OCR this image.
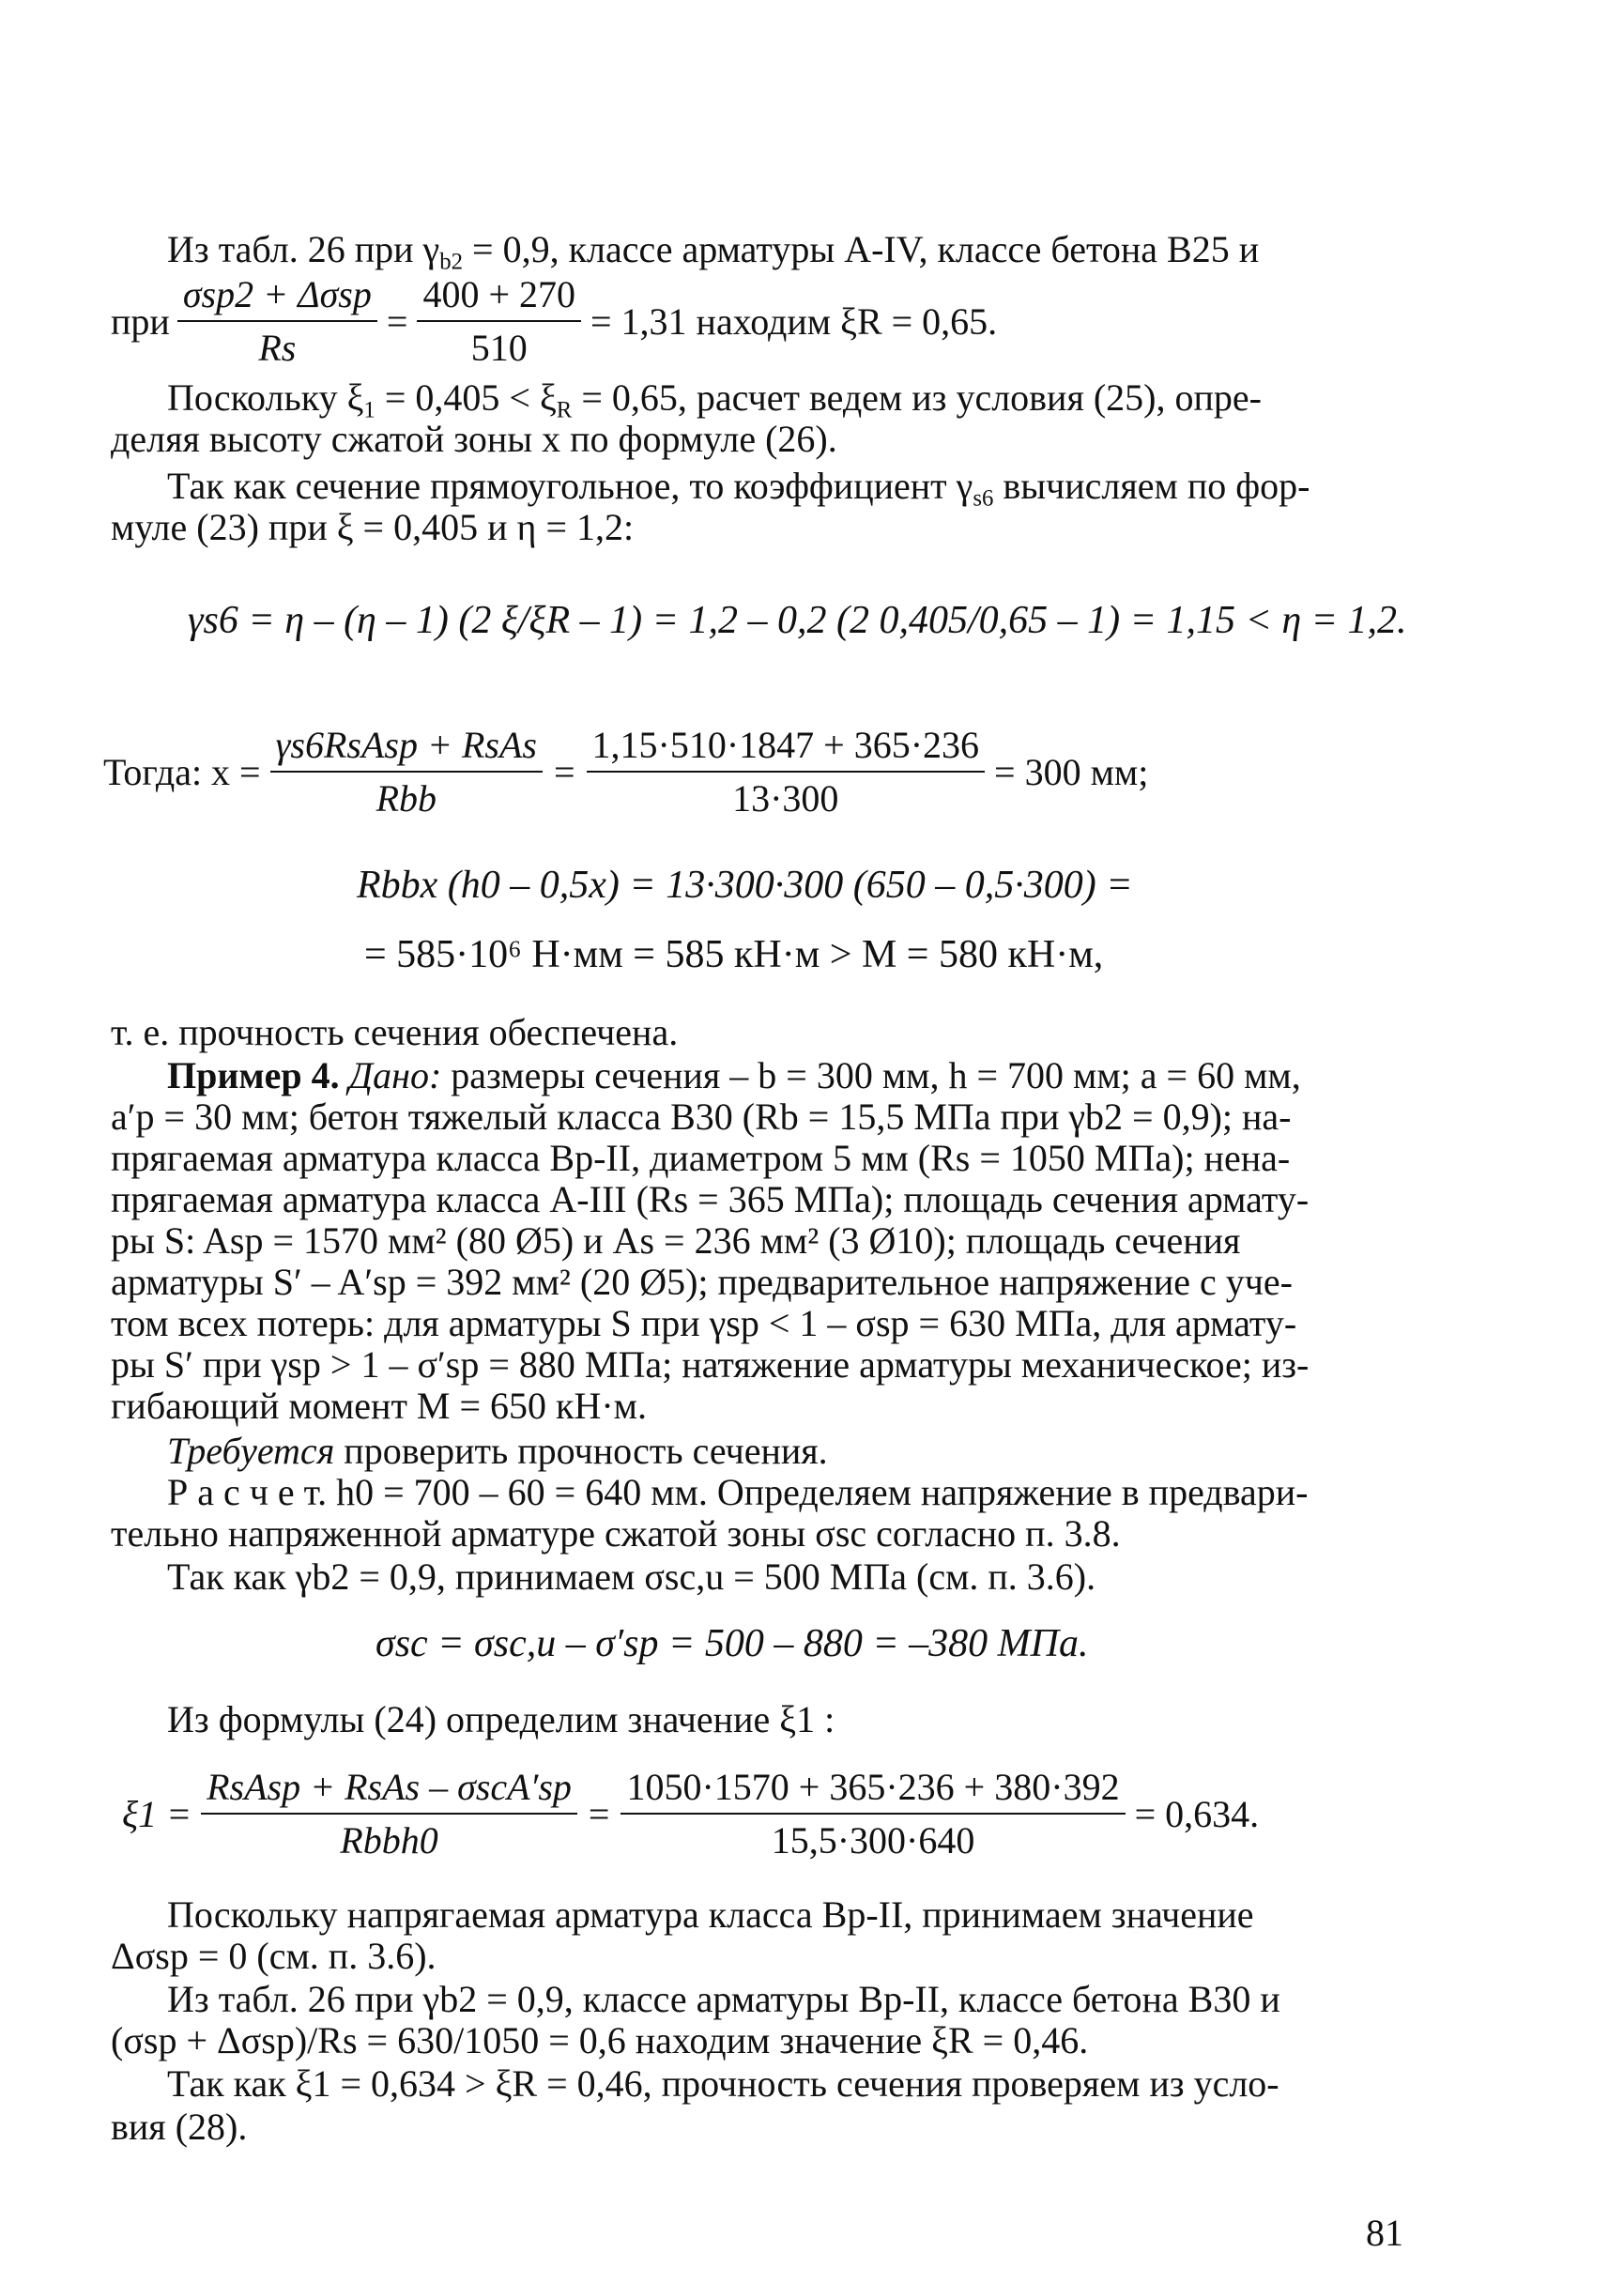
Из табл. 26 при $\gamma_{b2} = 0,9$, классе арматуры A-IV, классе бетона B25 и
при $\frac{\text{σsp2 + Δσsp}}{Rs} = \frac{400 + 270}{510} = 1,31$ находим ξR = 0,65.
Поскольку $\xi_1 = 0,405 < \xi_R = 0,65$, расчет ведем из условия (25), опре-
деляя высоту сжатой зоны x по формуле (26).
Так как сечение прямоугольное, то коэффициент $\gamma_{s6}$ вычисляем по фор-
муле (23) при ξ = 0,405 и η = 1,2:
γs6 = η – (η – 1) (2 ξ/ξR – 1) = 1,2 – 0,2 (2 0,405/0,65 – 1) = 1,15 < η = 1,2.
Тогда: $x = \frac{\text{γs6RsAsp + RsAs}}{\text{Rbb}} = \frac{1,15\cdot 510\cdot 1847 + 365\cdot 236}{13\cdot 300} = 300$ мм;
Rbbx (h0 – 0,5x) = 13·300·300 (650 – 0,5·300) =
= 585·10⁶ Н·мм = 585 кН·м > M = 580 кН·м,
т. е. прочность сечения обеспечена.
Пример 4. Дано: размеры сечения – b = 300 мм, h = 700 мм; a = 60 мм,
a′p = 30 мм; бетон тяжелый класса B30 (Rb = 15,5 МПа при γb2 = 0,9); на-
прягаемая арматура класса Bp-II, диаметром 5 мм (Rs = 1050 МПа); нена-
прягаемая арматура класса A-III (Rs = 365 МПа); площадь сечения армату-
ры S: Asp = 1570 мм² (80 Ø5) и As = 236 мм² (3 Ø10); площадь сечения
арматуры S′ – A′sp = 392 мм² (20 Ø5); предварительное напряжение с уче-
том всех потерь: для арматуры S при γsp < 1 – σsp = 630 МПа, для армату-
ры S′ при γsp > 1 – σ′sp = 880 МПа; натяжение арматуры механическое; из-
гибающий момент M = 650 кН·м.
Требуется проверить прочность сечения.
Р а с ч е т. h0 = 700 – 60 = 640 мм. Определяем напряжение в предвари-
тельно напряженной арматуре сжатой зоны σsc согласно п. 3.8.
Так как γb2 = 0,9, принимаем σsc,u = 500 МПа (см. п. 3.6).
σsc = σsc,u – σ′sp = 500 – 880 = –380 МПа.
Из формулы (24) определим значение ξ1 :
$\xi 1 = \frac{\text{RsAsp + RsAs – σscA′sp}}{\text{Rbbh0}} = \frac{1050\cdot 1570 + 365\cdot 236 + 380\cdot 392}{15,5\cdot 300\cdot 640} = 0,634$.
Поскольку напрягаемая арматура класса Bp-II, принимаем значение
Δσsp = 0 (см. п. 3.6).
Из табл. 26 при γb2 = 0,9, классе арматуры Bp-II, классе бетона B30 и
(σsp + Δσsp)/Rs = 630/1050 = 0,6 находим значение ξR = 0,46.
Так как ξ1 = 0,634 > ξR = 0,46, прочность сечения проверяем из усло-
вия (28).
81
